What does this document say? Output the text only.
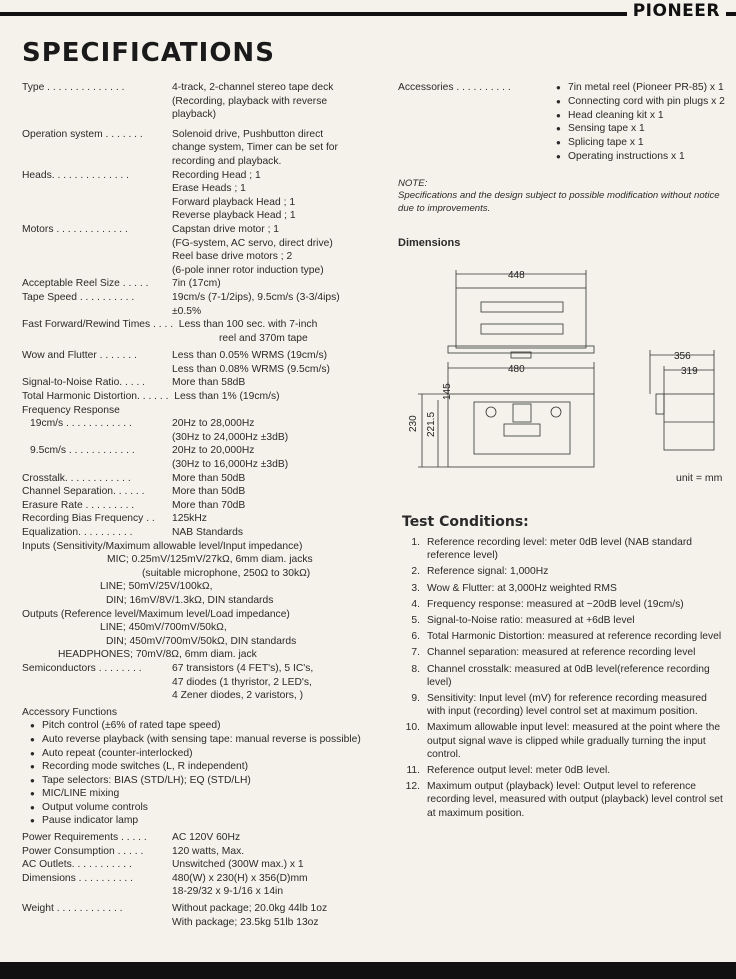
PIONEER
SPECIFICATIONS
Type . . . . . . . . . . . . . .	4-track, 2-channel stereo tape deck
(Recording, playback with reverse
playback)
Operation system . . . . . . .	Solenoid drive, Pushbutton direct
change system, Timer can be set for
recording and playback.
Heads. . . . . . . . . . . . . .	Recording Head ; 1
Erase Heads ; 1
Forward playback Head ; 1
Reverse playback Head ; 1
Motors . . . . . . . . . . . . .	Capstan drive motor ; 1
(FG-system, AC servo, direct drive)
Reel base drive motors ; 2
(6-pole inner rotor induction type)
Acceptable Reel Size . . . . .	7in (17cm)
Tape Speed . . . . . . . . . .	19cm/s (7-1/2ips), 9.5cm/s (3-3/4ips)
±0.5%
Fast Forward/Rewind Times . . . . Less than 100 sec. with 7-inch
reel and 370m tape
Wow and Flutter . . . . . . .	Less than 0.05% WRMS (19cm/s)
Less than 0.08% WRMS (9.5cm/s)
Signal-to-Noise Ratio. . . . .	More than 58dB
Total Harmonic Distortion. . . . . . Less than 1% (19cm/s)
Frequency Response
19cm/s . . . . . . . . . . . .	20Hz to 28,000Hz
(30Hz to 24,000Hz ±3dB)
9.5cm/s . . . . . . . . . . . .	20Hz to 20,000Hz
(30Hz to 16,000Hz ±3dB)
Crosstalk. . . . . . . . . . . .	More than 50dB
Channel Separation. . . . . .	More than 50dB
Erasure Rate . . . . . . . . .	More than 70dB
Recording Bias Frequency . .	125kHz
Equalization. . . . . . . . . .	NAB Standards
Inputs (Sensitivity/Maximum allowable level/Input impedance)
MIC; 0.25mV/125mV/27kΩ, 6mm diam. jacks
(suitable microphone, 250Ω to 30kΩ)
LINE; 50mV/25V/100kΩ,
DIN; 16mV/8V/1.3kΩ, DIN standards
Outputs (Reference level/Maximum level/Load impedance)
LINE; 450mV/700mV/50kΩ,
DIN; 450mV/700mV/50kΩ, DIN standards
HEADPHONES; 70mV/8Ω, 6mm diam. jack
Semiconductors . . . . . . . .	67 transistors (4 FET's), 5 IC's,
47 diodes (1 thyristor, 2 LED's,
4 Zener diodes, 2 varistors, )
Accessory Functions
● Pitch control (±6% of rated tape speed)
● Auto reverse playback (with sensing tape: manual reverse is possible)
● Auto repeat (counter-interlocked)
● Recording mode switches (L, R independent)
● Tape selectors: BIAS (STD/LH); EQ (STD/LH)
● MIC/LINE mixing
● Output volume controls
● Pause indicator lamp
Power Requirements . . . . .	AC 120V 60Hz
Power Consumption . . . . .	120 watts, Max.
AC Outlets. . . . . . . . . . .	Unswitched (300W max.) x 1
Dimensions . . . . . . . . . .	480(W) x 230(H) x 356(D)mm
18-29/32 x 9-1/16 x 14in
Weight . . . . . . . . . . . .	Without package; 20.0kg 44lb 1oz
With package; 23.5kg 51lb 13oz
Accessories . . . . . . . . . .
●	7in metal reel (Pioneer PR-85) x 1
● Connecting cord with pin plugs x 2
● Head cleaning kit x 1
● Sensing tape x 1
● Splicing tape x 1
● Operating instructions x 1
NOTE:
Specifications and the design subject to possible modification without notice due to improvements.
Dimensions
448
480
230 221.5
145
356
319
unit = mm
Test Conditions:
1. Reference recording level: meter 0dB level (NAB standard reference level)
2. Reference signal: 1,000Hz
3. Wow & Flutter: at 3,000Hz weighted RMS
4. Frequency response: measured at −20dB level (19cm/s)
5. Signal-to-Noise ratio: measured at +6dB level
6. Total Harmonic Distortion: measured at reference recording level
7. Channel separation: measured at reference recording level
8. Channel crosstalk: measured at 0dB level(reference recording level)
9. Sensitivity: Input level (mV) for reference recording measured with input (recording) level control set at maximum position.
10. Maximum allowable input level: measured at the point where the output signal wave is clipped while gradually turning the input control.
11. Reference output level: meter 0dB level.
12. Maximum output (playback) level: Output level to reference recording level, measured with output (playback) level control set at maximum position.
